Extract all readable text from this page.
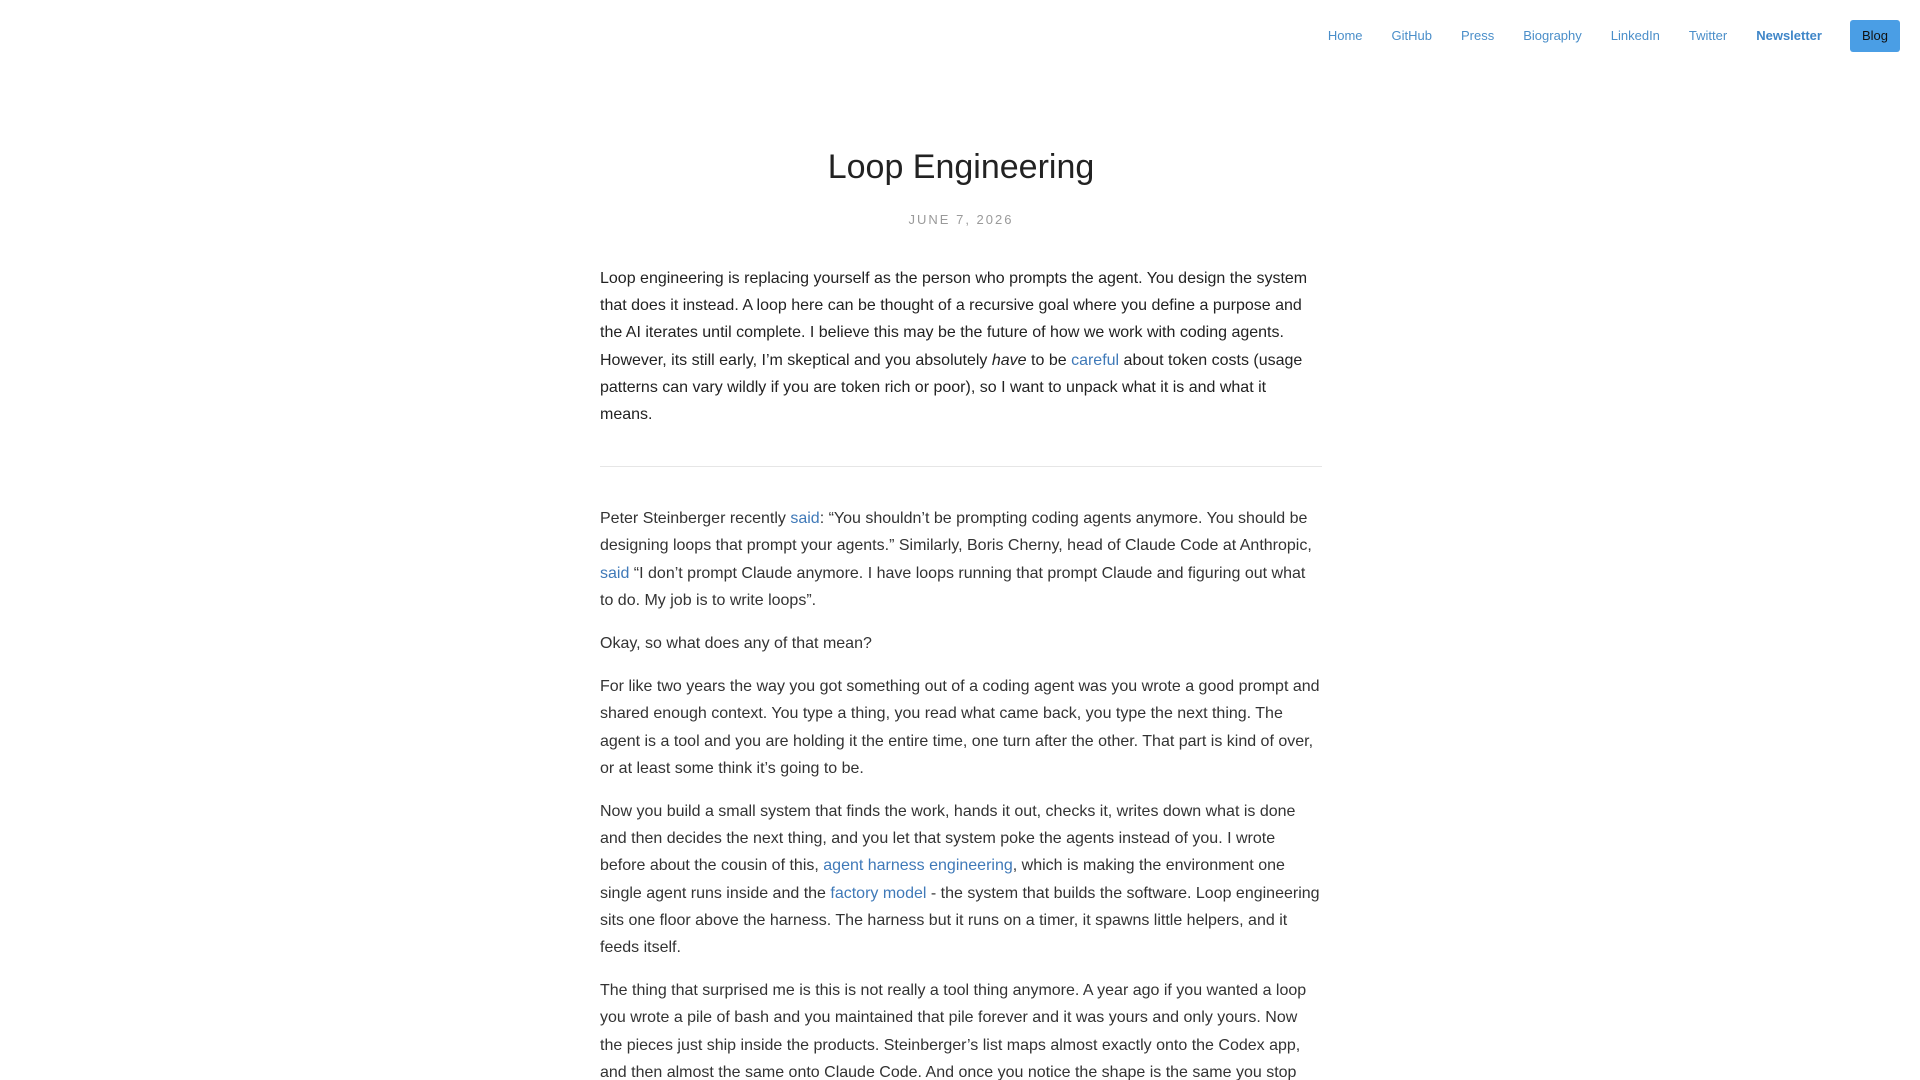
Home GitHub Press Biography LinkedIn Twitter Newsletter	Blog
Loop Engineering
JUNE 7, 2026

Loop engineering is replacing yourself as the person who prompts the agent. You design the system that does it instead. A loop here can be thought of a recursive goal where you define a purpose and the AI iterates until complete. I believe this may be the future of how we work with coding agents. However, its still early, I’m skeptical and you absolutely have to be careful about token costs (usage patterns can vary wildly if you are token rich or poor), so I want to unpack what it is and what it means.

Peter Steinberger recently said: “You shouldn’t be prompting coding agents anymore. You should be designing loops that prompt your agents.” Similarly, Boris Cherny, head of Claude Code at Anthropic, said “I don’t prompt Claude anymore. I have loops running that prompt Claude and figuring out what to do. My job is to write loops”.

Okay, so what does any of that mean?

For like two years the way you got something out of a coding agent was you wrote a good prompt and shared enough context. You type a thing, you read what came back, you type the next thing. The agent is a tool and you are holding it the entire time, one turn after the other. That part is kind of over, or at least some think it’s going to be.

Now you build a small system that finds the work, hands it out, checks it, writes down what is done and then decides the next thing, and you let that system poke the agents instead of you. I wrote before about the cousin of this, agent harness engineering, which is making the environment one single agent runs inside and the factory model - the system that builds the software. Loop engineering sits one floor above the harness. The harness but it runs on a timer, it spawns little helpers, and it feeds itself.

The thing that surprised me is this is not really a tool thing anymore. A year ago if you wanted a loop you wrote a pile of bash and you maintained that pile forever and it was yours and only yours. Now the pieces just ship inside the products. Steinberger’s list maps almost exactly onto the Codex app, and then almost the same onto Claude Code. And once you notice the shape is the same you stop
